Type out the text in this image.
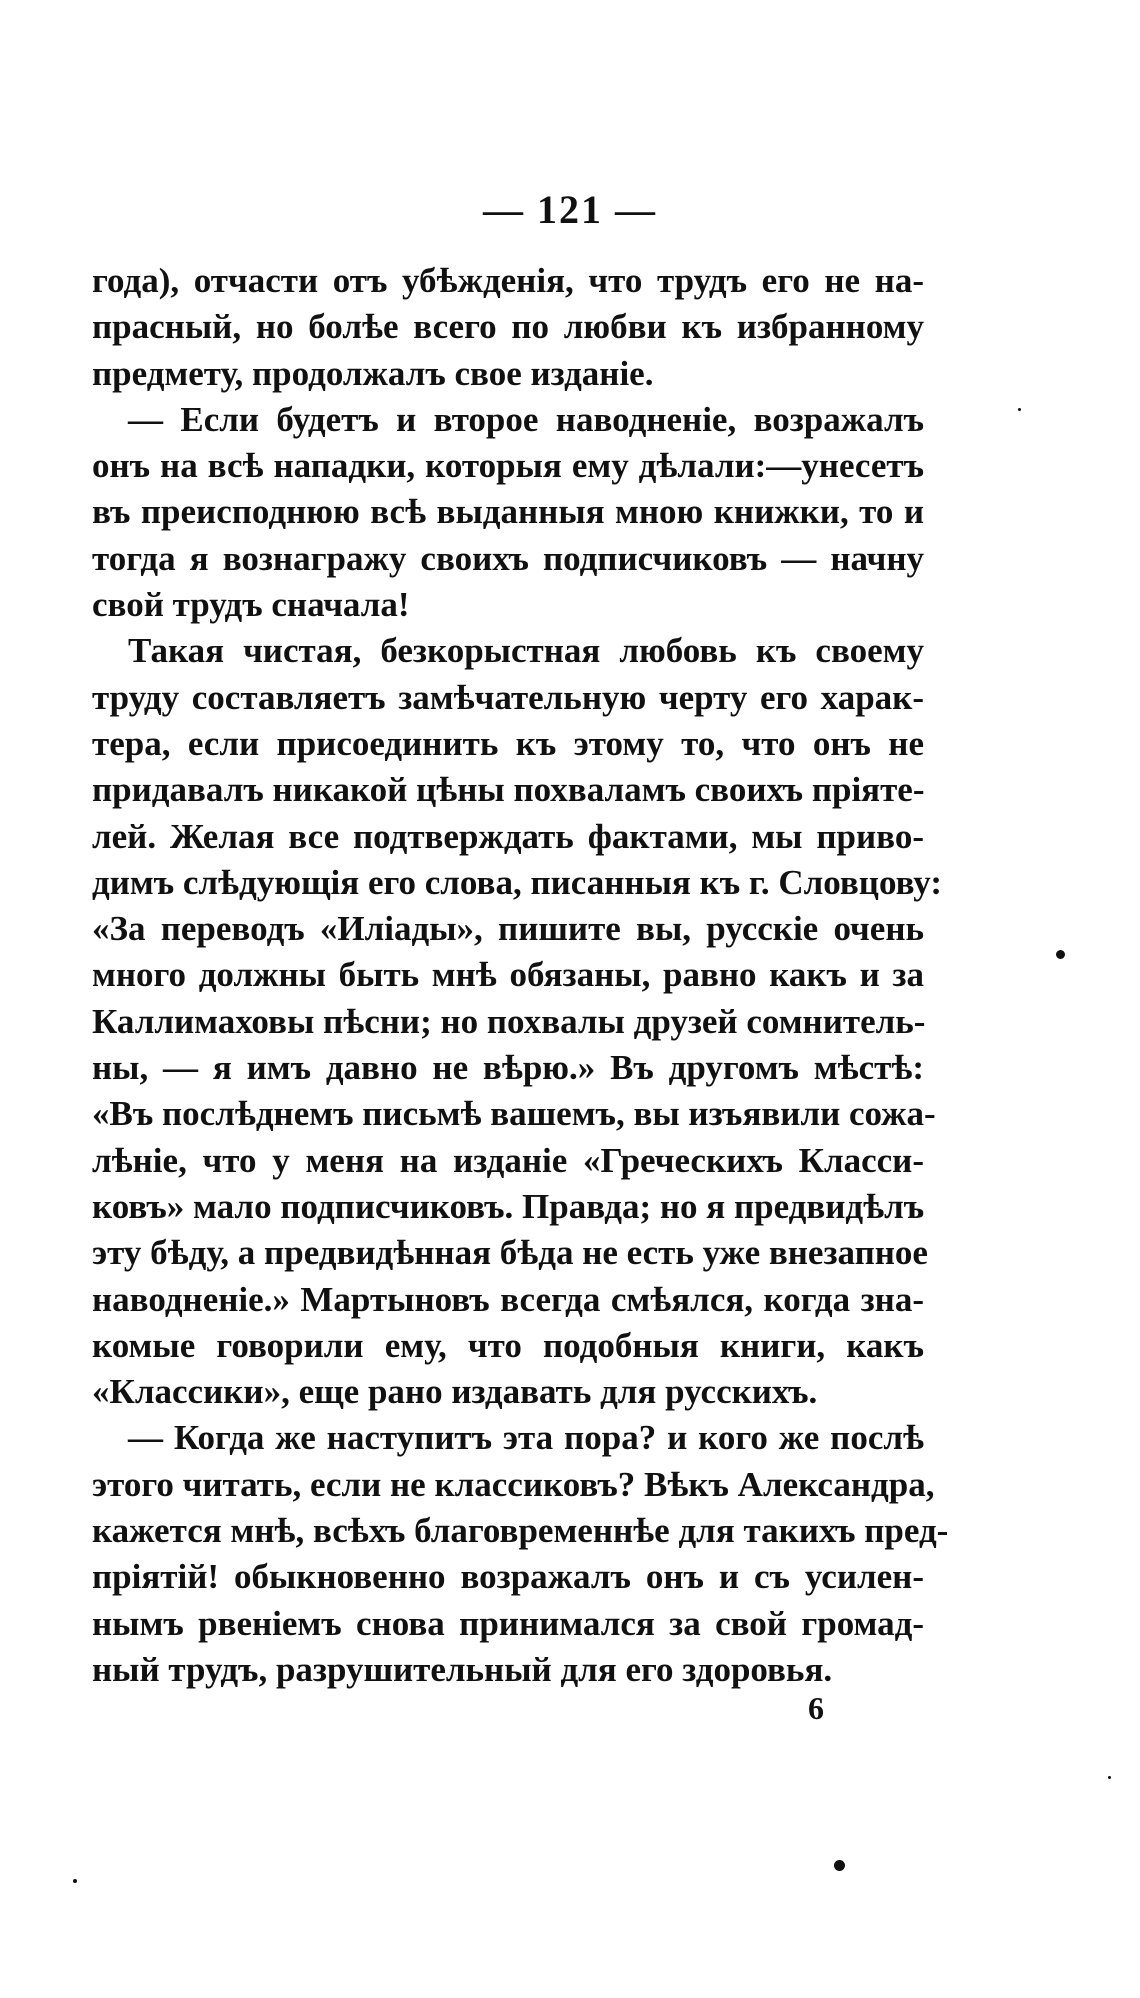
— 121 —
года), отчасти отъ убѣжденія, что трудъ его не на-
прасный, но болѣе всего по любви къ избранному
предмету, продолжалъ свое изданіе.
— Если будетъ и второе наводненіе, возражалъ
онъ на всѣ нападки, которыя ему дѣлали:—унесетъ
въ преисподнюю всѣ выданныя мною книжки, то и
тогда я вознагражу своихъ подписчиковъ — начну
свой трудъ сначала!
Такая чистая, безкорыстная любовь къ своему
труду составляетъ замѣчательную черту его харак-
тера, если присоединить къ этому то, что онъ не
придавалъ никакой цѣны похваламъ своихъ пріяте-
лей. Желая все подтверждать фактами, мы приво-
димъ слѣдующія его слова, писанныя къ г. Словцову:
«За переводъ «Иліады», пишите вы, русскіе очень
много должны быть мнѣ обязаны, равно какъ и за
Каллимаховы пѣсни; но похвалы друзей сомнитель-
ны, — я имъ давно не вѣрю.» Въ другомъ мѣстѣ:
«Въ послѣднемъ письмѣ вашемъ, вы изъявили сожа-
лѣніе, что у меня на изданіе «Греческихъ Класси-
ковъ» мало подписчиковъ. Правда; но я предвидѣлъ
эту бѣду, а предвидѣнная бѣда не есть уже внезапное
наводненіе.» Мартыновъ всегда смѣялся, когда зна-
комые говорили ему, что подобныя книги, какъ
«Классики», еще рано издавать для русскихъ.
— Когда же наступитъ эта пора? и кого же послѣ
этого читать, если не классиковъ? Вѣкъ Александра,
кажется мнѣ, всѣхъ благовременнѣе для такихъ пред-
пріятій! обыкновенно возражалъ онъ и съ усилен-
нымъ рвеніемъ снова принимался за свой громад-
ный трудъ, разрушительный для его здоровья.
6
